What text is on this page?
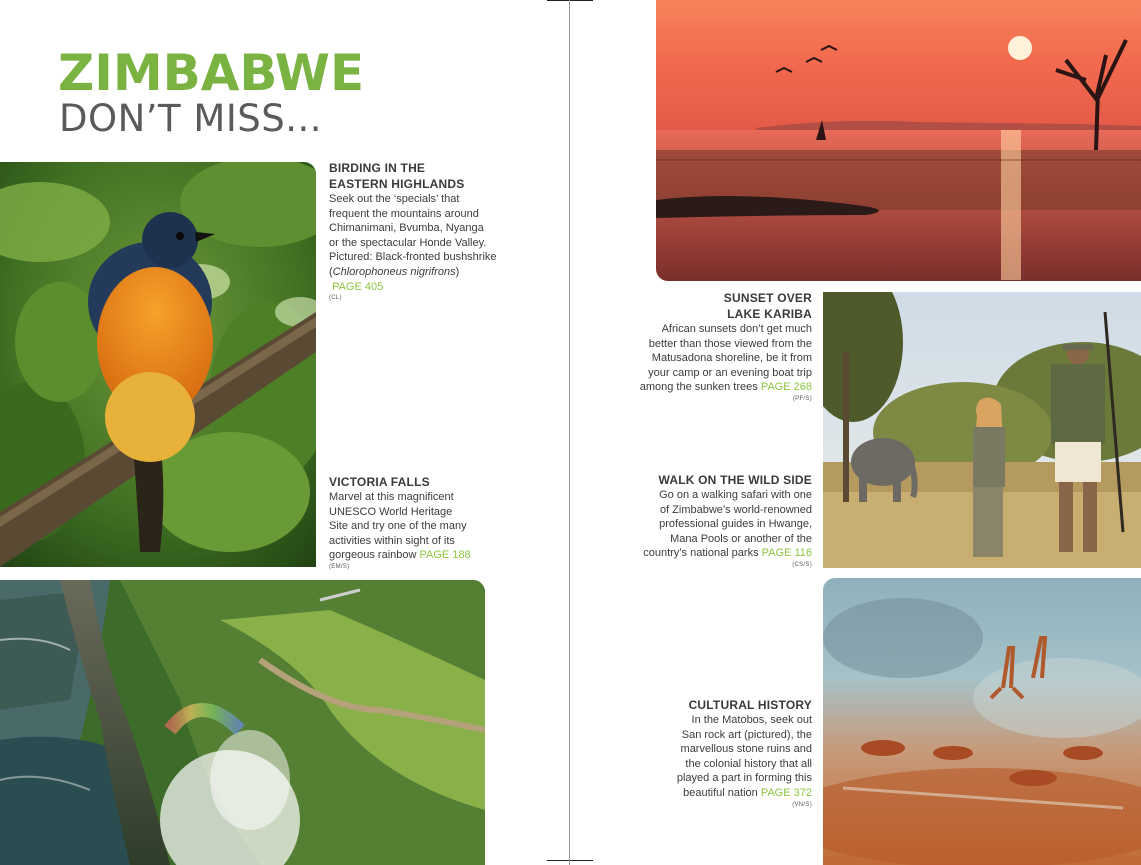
ZIMBABWE
DON’T MISS...
BIRDING IN THE
EASTERN HIGHLANDS
Seek out the ‘specials’ that
frequent the mountains around
Chimanimani, Bvumba, Nyanga
or the spectacular Honde Valley.
Pictured: Black-fronted bushshrike
(Chlorophoneus nigrifrons)
PAGE 405
(CL)
VICTORIA FALLS
Marvel at this magnificent
UNESCO World Heritage
Site and try one of the many
activities within sight of its
gorgeous rainbow PAGE 188
(EM/S)
SUNSET OVER
LAKE KARIBA
African sunsets don’t get much
better than those viewed from the
Matusadona shoreline, be it from
your camp or an evening boat trip
among the sunken trees PAGE 268
(PF/S)
WALK ON THE WILD SIDE
Go on a walking safari with one
of Zimbabwe’s world-renowned
professional guides in Hwange,
Mana Pools or another of the
country’s national parks PAGE 116
(CS/S)
CULTURAL HISTORY
In the Matobos, seek out
San rock art (pictured), the
marvellous stone ruins and
the colonial history that all
played a part in forming this
beautiful nation PAGE 372
(VN/S)
